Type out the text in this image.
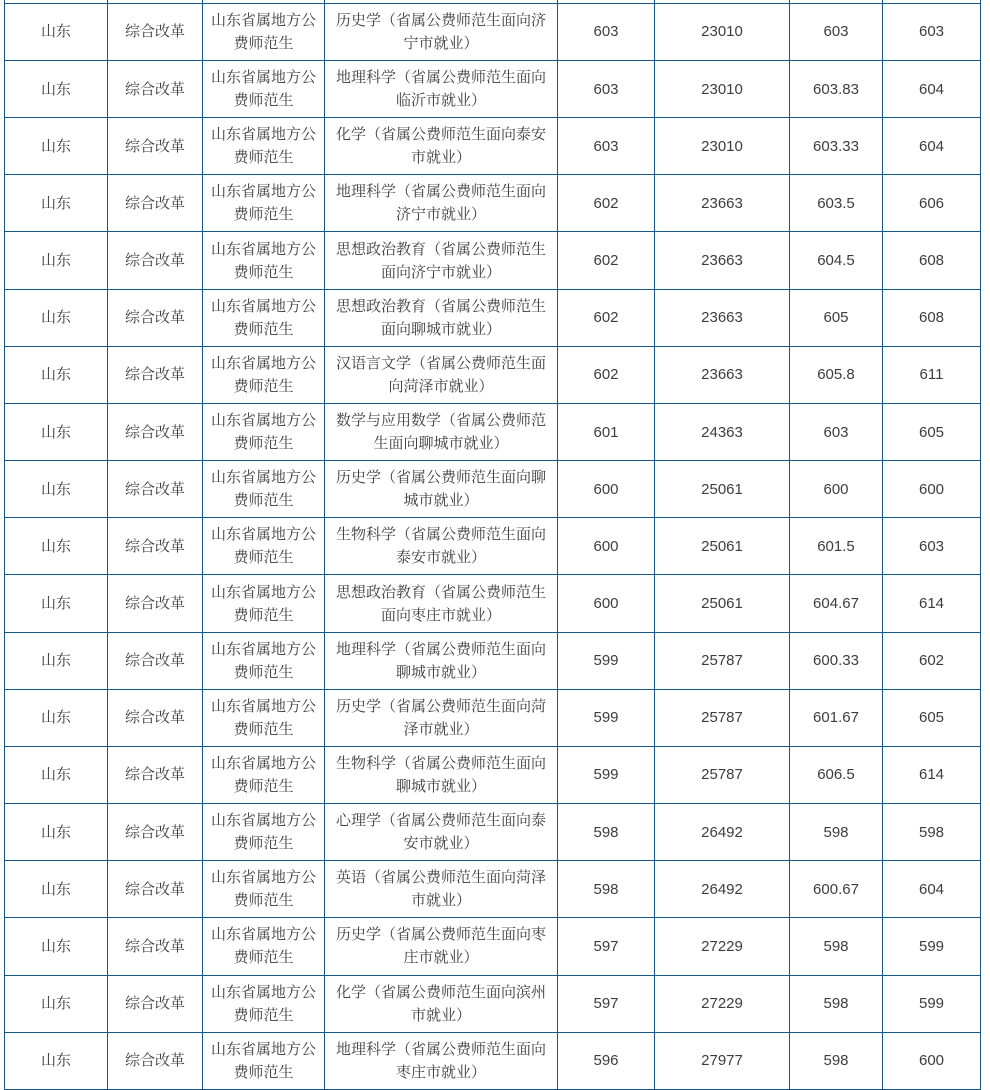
山东	综合改革	山东省属地方公费师范生	历史学（省属公费师范生面向济宁市就业）	603	23010	603	603
山东	综合改革	山东省属地方公费师范生	地理科学（省属公费师范生面向临沂市就业）	603	23010	603.83	604
山东	综合改革	山东省属地方公费师范生	化学（省属公费师范生面向泰安市就业）	603	23010	603.33	604
山东	综合改革	山东省属地方公费师范生	地理科学（省属公费师范生面向济宁市就业）	602	23663	603.5	606
山东	综合改革	山东省属地方公费师范生	思想政治教育（省属公费师范生面向济宁市就业）	602	23663	604.5	608
山东	综合改革	山东省属地方公费师范生	思想政治教育（省属公费师范生面向聊城市就业）	602	23663	605	608
山东	综合改革	山东省属地方公费师范生	汉语言文学（省属公费师范生面向菏泽市就业）	602	23663	605.8	611
山东	综合改革	山东省属地方公费师范生	数学与应用数学（省属公费师范生面向聊城市就业）	601	24363	603	605
山东	综合改革	山东省属地方公费师范生	历史学（省属公费师范生面向聊城市就业）	600	25061	600	600
山东	综合改革	山东省属地方公费师范生	生物科学（省属公费师范生面向泰安市就业）	600	25061	601.5	603
山东	综合改革	山东省属地方公费师范生	思想政治教育（省属公费师范生面向枣庄市就业）	600	25061	604.67	614
山东	综合改革	山东省属地方公费师范生	地理科学（省属公费师范生面向聊城市就业）	599	25787	600.33	602
山东	综合改革	山东省属地方公费师范生	历史学（省属公费师范生面向菏泽市就业）	599	25787	601.67	605
山东	综合改革	山东省属地方公费师范生	生物科学（省属公费师范生面向聊城市就业）	599	25787	606.5	614
山东	综合改革	山东省属地方公费师范生	心理学（省属公费师范生面向泰安市就业）	598	26492	598	598
山东	综合改革	山东省属地方公费师范生	英语（省属公费师范生面向菏泽市就业）	598	26492	600.67	604
山东	综合改革	山东省属地方公费师范生	历史学（省属公费师范生面向枣庄市就业）	597	27229	598	599
山东	综合改革	山东省属地方公费师范生	化学（省属公费师范生面向滨州市就业）	597	27229	598	599
山东	综合改革	山东省属地方公费师范生	地理科学（省属公费师范生面向枣庄市就业）	596	27977	598	600
